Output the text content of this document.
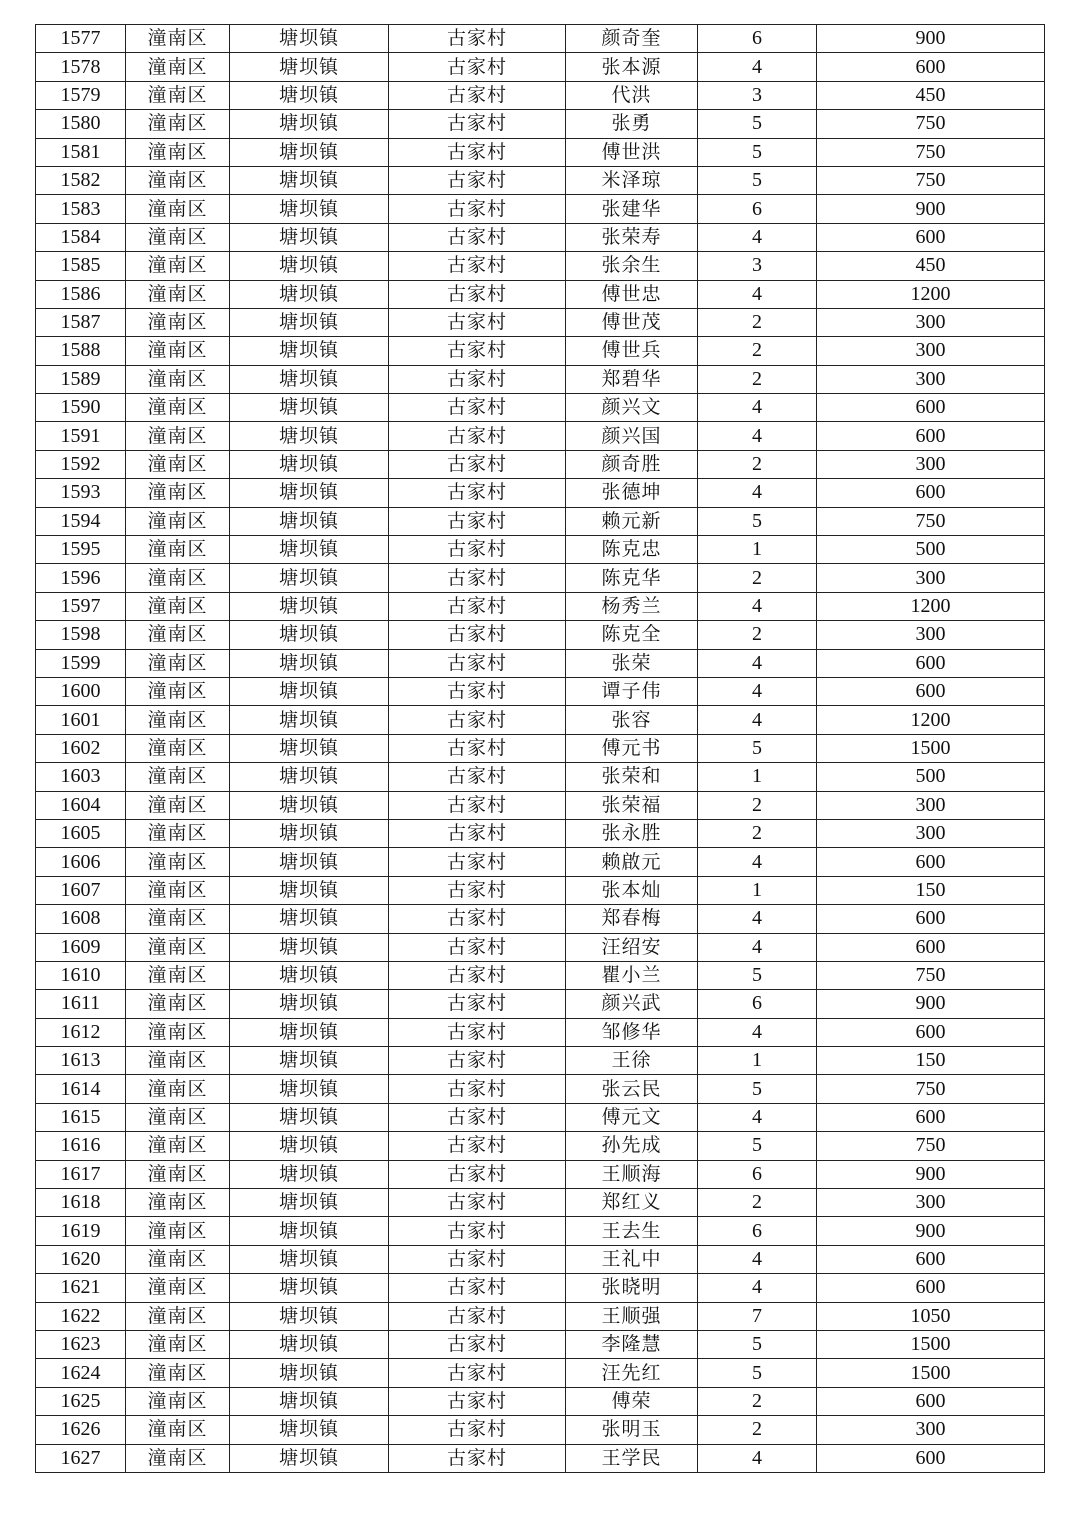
1577	潼南区	塘坝镇	古家村	颜奇奎	6	900
1578	潼南区	塘坝镇	古家村	张本源	4	600
1579	潼南区	塘坝镇	古家村	代洪	3	450
1580	潼南区	塘坝镇	古家村	张勇	5	750
1581	潼南区	塘坝镇	古家村	傅世洪	5	750
1582	潼南区	塘坝镇	古家村	米泽琼	5	750
1583	潼南区	塘坝镇	古家村	张建华	6	900
1584	潼南区	塘坝镇	古家村	张荣寿	4	600
1585	潼南区	塘坝镇	古家村	张余生	3	450
1586	潼南区	塘坝镇	古家村	傅世忠	4	1200
1587	潼南区	塘坝镇	古家村	傅世茂	2	300
1588	潼南区	塘坝镇	古家村	傅世兵	2	300
1589	潼南区	塘坝镇	古家村	郑碧华	2	300
1590	潼南区	塘坝镇	古家村	颜兴文	4	600
1591	潼南区	塘坝镇	古家村	颜兴国	4	600
1592	潼南区	塘坝镇	古家村	颜奇胜	2	300
1593	潼南区	塘坝镇	古家村	张德坤	4	600
1594	潼南区	塘坝镇	古家村	赖元新	5	750
1595	潼南区	塘坝镇	古家村	陈克忠	1	500
1596	潼南区	塘坝镇	古家村	陈克华	2	300
1597	潼南区	塘坝镇	古家村	杨秀兰	4	1200
1598	潼南区	塘坝镇	古家村	陈克全	2	300
1599	潼南区	塘坝镇	古家村	张荣	4	600
1600	潼南区	塘坝镇	古家村	谭子伟	4	600
1601	潼南区	塘坝镇	古家村	张容	4	1200
1602	潼南区	塘坝镇	古家村	傅元书	5	1500
1603	潼南区	塘坝镇	古家村	张荣和	1	500
1604	潼南区	塘坝镇	古家村	张荣福	2	300
1605	潼南区	塘坝镇	古家村	张永胜	2	300
1606	潼南区	塘坝镇	古家村	赖啟元	4	600
1607	潼南区	塘坝镇	古家村	张本灿	1	150
1608	潼南区	塘坝镇	古家村	郑春梅	4	600
1609	潼南区	塘坝镇	古家村	汪绍安	4	600
1610	潼南区	塘坝镇	古家村	瞿小兰	5	750
1611	潼南区	塘坝镇	古家村	颜兴武	6	900
1612	潼南区	塘坝镇	古家村	邹修华	4	600
1613	潼南区	塘坝镇	古家村	王徐	1	150
1614	潼南区	塘坝镇	古家村	张云民	5	750
1615	潼南区	塘坝镇	古家村	傅元文	4	600
1616	潼南区	塘坝镇	古家村	孙先成	5	750
1617	潼南区	塘坝镇	古家村	王顺海	6	900
1618	潼南区	塘坝镇	古家村	郑红义	2	300
1619	潼南区	塘坝镇	古家村	王去生	6	900
1620	潼南区	塘坝镇	古家村	王礼中	4	600
1621	潼南区	塘坝镇	古家村	张晓明	4	600
1622	潼南区	塘坝镇	古家村	王顺强	7	1050
1623	潼南区	塘坝镇	古家村	李隆慧	5	1500
1624	潼南区	塘坝镇	古家村	汪先红	5	1500
1625	潼南区	塘坝镇	古家村	傅荣	2	600
1626	潼南区	塘坝镇	古家村	张明玉	2	300
1627	潼南区	塘坝镇	古家村	王学民	4	600
